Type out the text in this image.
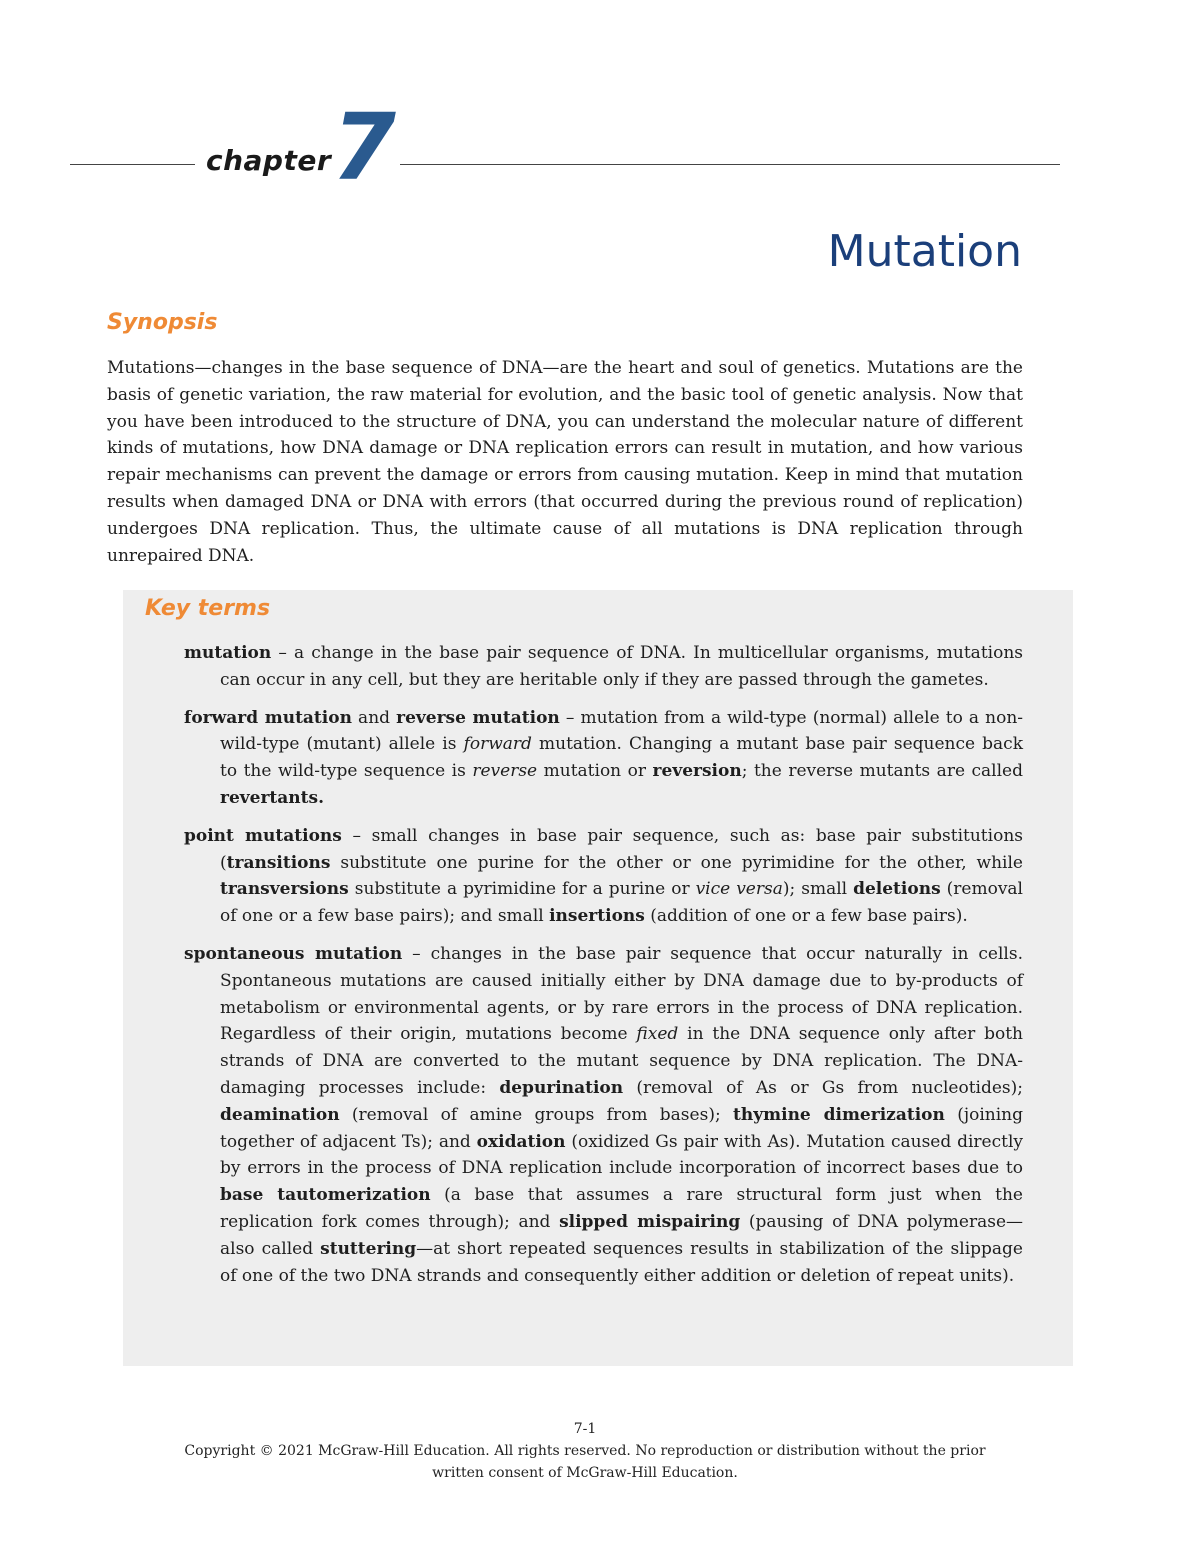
chapter 7
Mutation
Synopsis

Mutations—changes in the base sequence of DNA—are the heart and soul of genetics. Mutations are the basis of genetic variation, the raw material for evolution, and the basic tool of genetic analysis. Now that you have been introduced to the structure of DNA, you can understand the molecular nature of different kinds of mutations, how DNA damage or DNA replication errors can result in mutation, and how various repair mechanisms can prevent the damage or errors from causing mutation. Keep in mind that mutation results when damaged DNA or DNA with errors (that occurred during the previous round of replication) undergoes DNA replication. Thus, the ultimate cause of all mutations is DNA replication through unrepaired DNA.

Key terms

mutation – a change in the base pair sequence of DNA. In multicellular organisms, mutations can occur in any cell, but they are heritable only if they are passed through the gametes.

forward mutation and reverse mutation – mutation from a wild-type (normal) allele to a non-wild-type (mutant) allele is forward mutation. Changing a mutant base pair sequence back to the wild-type sequence is reverse mutation or reversion; the reverse mutants are called revertants.

point mutations – small changes in base pair sequence, such as: base pair substitutions (transitions substitute one purine for the other or one pyrimidine for the other, while transversions substitute a pyrimidine for a purine or vice versa); small deletions (removal of one or a few base pairs); and small insertions (addition of one or a few base pairs).

spontaneous mutation – changes in the base pair sequence that occur naturally in cells. Spontaneous mutations are caused initially either by DNA damage due to by-products of metabolism or environmental agents, or by rare errors in the process of DNA replication. Regardless of their origin, mutations become fixed in the DNA sequence only after both strands of DNA are converted to the mutant sequence by DNA replication. The DNA-damaging processes include: depurination (removal of As or Gs from nucleotides); deamination (removal of amine groups from bases); thymine dimerization (joining together of adjacent Ts); and oxidation (oxidized Gs pair with As). Mutation caused directly by errors in the process of DNA replication include incorporation of incorrect bases due to base tautomerization (a base that assumes a rare structural form just when the replication fork comes through); and slipped mispairing (pausing of DNA polymerase—also called stuttering—at short repeated sequences results in stabilization of the slippage of one of the two DNA strands and consequently either addition or deletion of repeat units).

7-1

Copyright © 2021 McGraw-Hill Education. All rights reserved. No reproduction or distribution without the prior

written consent of McGraw-Hill Education.
